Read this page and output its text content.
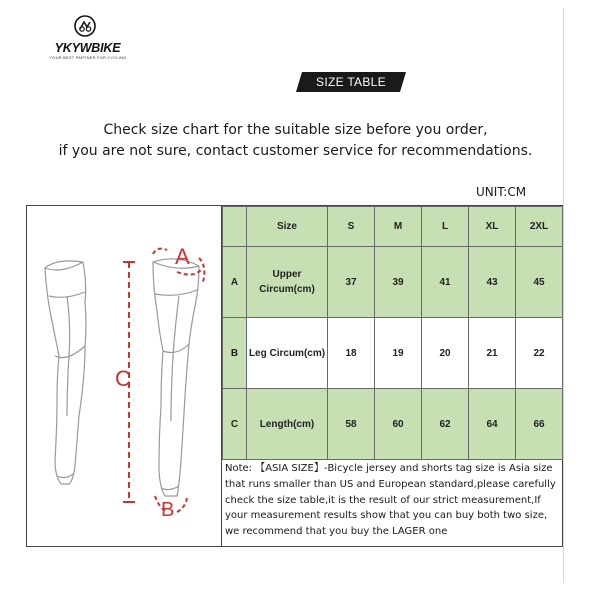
YKYWBIKE
YOUR BEST PARTNER FOR CYCLING
SIZE TABLE
Check size chart for the suitable size before you order,
if you are not sure, contact customer service for recommendations.
UNIT:CM
A
C
B
	Size	S	M	L	XL	2XL
A	Upper Circum(cm)	37	39	41	43	45
B	Leg Circum(cm)	18	19	20	21	22
C	Length(cm)	58	60	62	64	66
Note: 【ASIA SIZE】-Bicycle jersey and shorts tag size is Asia size that runs smaller than US and European standard,please carefully check the size table,it is the result of our strict measurement,If your measurement results show that you can buy both two size, we recommend that you buy the LAGER one
